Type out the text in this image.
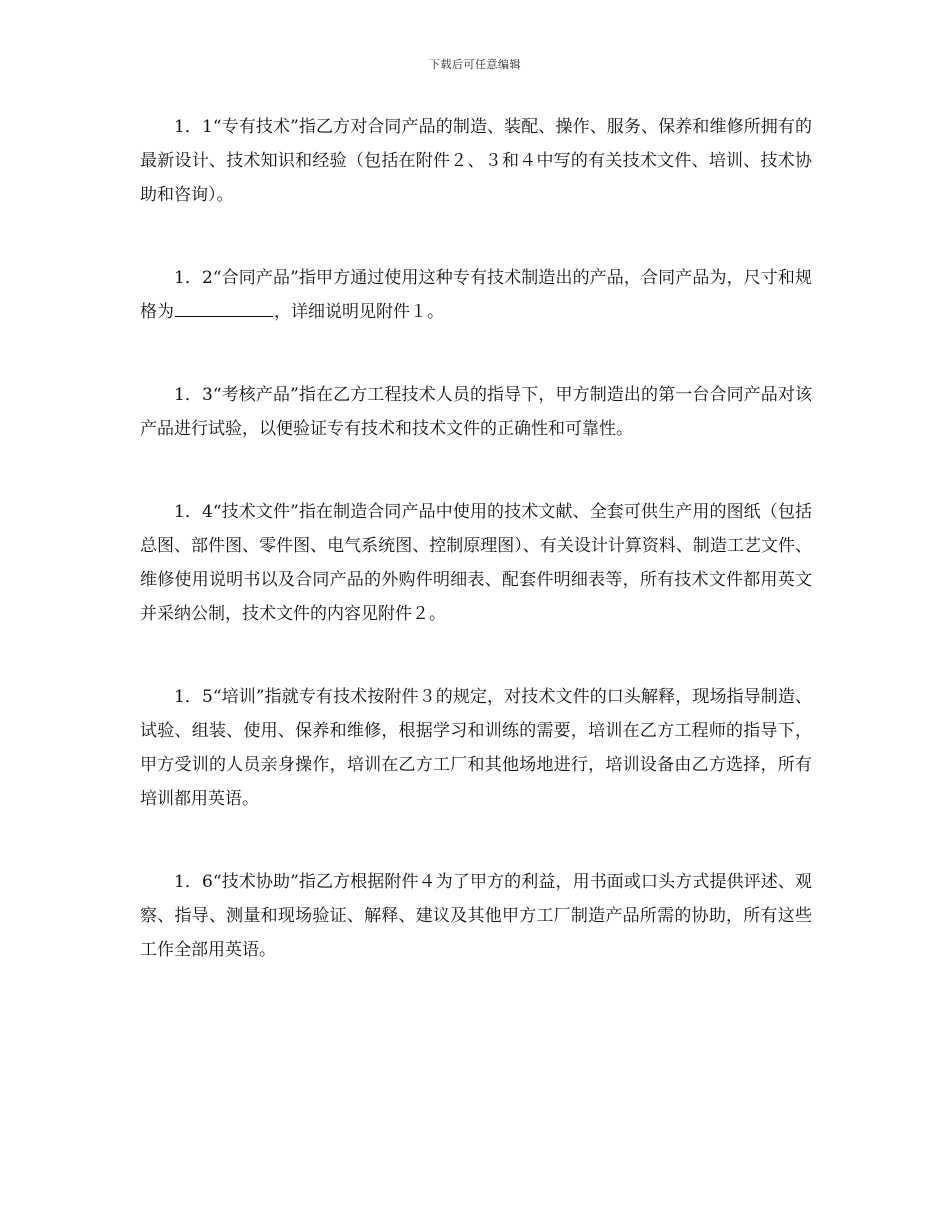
下载后可任意编辑

1．1“专有技术”指乙方对合同产品的制造、装配、操作、服务、保养和维修所拥有的最新设计、技术知识和经验（包括在附件２、３和４中写的有关技术文件、培训、技术协助和咨询）。

1．2“合同产品”指甲方通过使用这种专有技术制造出的产品，合同产品为，尺寸和规格为	，详细说明见附件１。

1．3“考核产品”指在乙方工程技术人员的指导下，甲方制造出的第一台合同产品对该产品进行试验，以便验证专有技术和技术文件的正确性和可靠性。

1．4“技术文件”指在制造合同产品中使用的技术文献、全套可供生产用的图纸（包括总图、部件图、零件图、电气系统图、控制原理图）、有关设计计算资料、制造工艺文件、维修使用说明书以及合同产品的外购件明细表、配套件明细表等，所有技术文件都用英文并采纳公制，技术文件的内容见附件２。

1．5“培训”指就专有技术按附件３的规定，对技术文件的口头解释，现场指导制造、试验、组装、使用、保养和维修，根据学习和训练的需要，培训在乙方工程师的指导下，甲方受训的人员亲身操作，培训在乙方工厂和其他场地进行，培训设备由乙方选择，所有培训都用英语。

1．6“技术协助”指乙方根据附件４为了甲方的利益，用书面或口头方式提供评述、观察、指导、测量和现场验证、解释、建议及其他甲方工厂制造产品所需的协助，所有这些工作全部用英语。
